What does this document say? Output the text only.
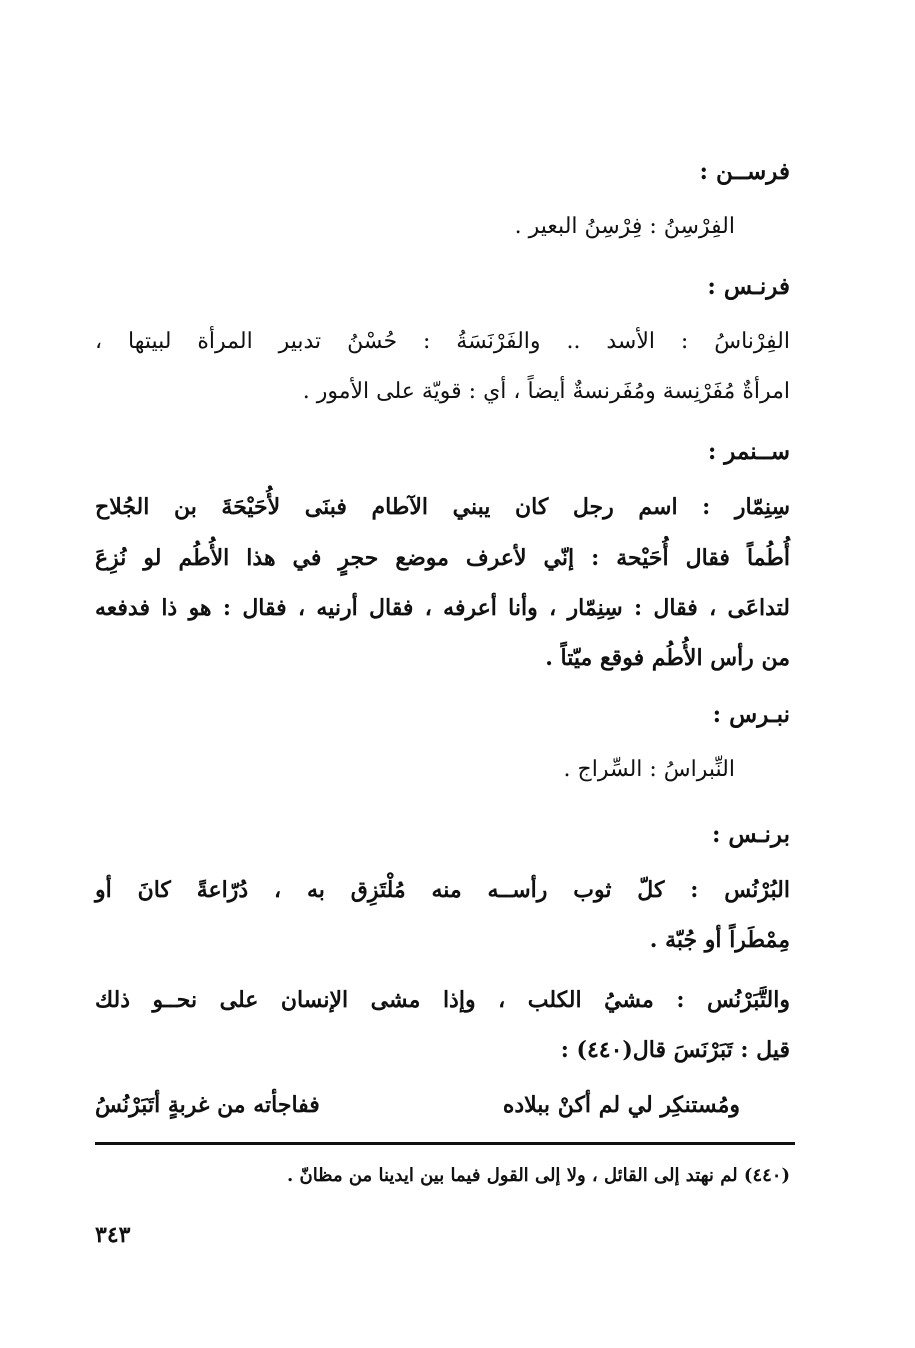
فرســن :
الفِرْسِنُ : فِرْسِنُ البعير .
فرنـس :
الفِرْناسُ : الأسد .. والفَرْنَسَةُ : حُسْنُ تدبير المرأة لبيتها ،
امرأةٌ مُفَرْنِسة ومُفَرنسةٌ أيضاً ، أي : قويّة على الأمور .
ســنمر :
سِنِمّار : اسم رجل كان يبني الآطام فبنَى لأُحَيْحَةَ بن الجُلاح
أُطُماً فقال أُحَيْحة : إنّي لأعرف موضع حجرٍ في هذا الأُطُم لو نُزِعَ
لتداعَى ، فقال : سِنِمّار ، وأنا أعرفه ، فقال أرنيه ، فقال : هو ذا فدفعه
من رأس الأُطُم فوقع ميّتاً .
نبـرس :
النِّبراسُ : السِّراج .
برنـس :
البُرْنُس : كلّ ثوب رأســه منه مُلْتَزِق به ، دُرّاعةً كانَ أو
مِمْطَراً أو جُبّة .
والتَّبَرْنُس : مشيُ الكلب ، وإذا مشى الإنسان على نحــو ذلك
قيل : تَبَرْنَسَ قال(٤٤٠) :
ومُستنكِر لي لم أكنْ ببلاده
ففاجأته من غربةٍ أتَبَرْنُسُ
(٤٤٠) لم نهتد إلى القائل ، ولا إلى القول فيما بين ايدينا من مظانّ .
٣٤٣
